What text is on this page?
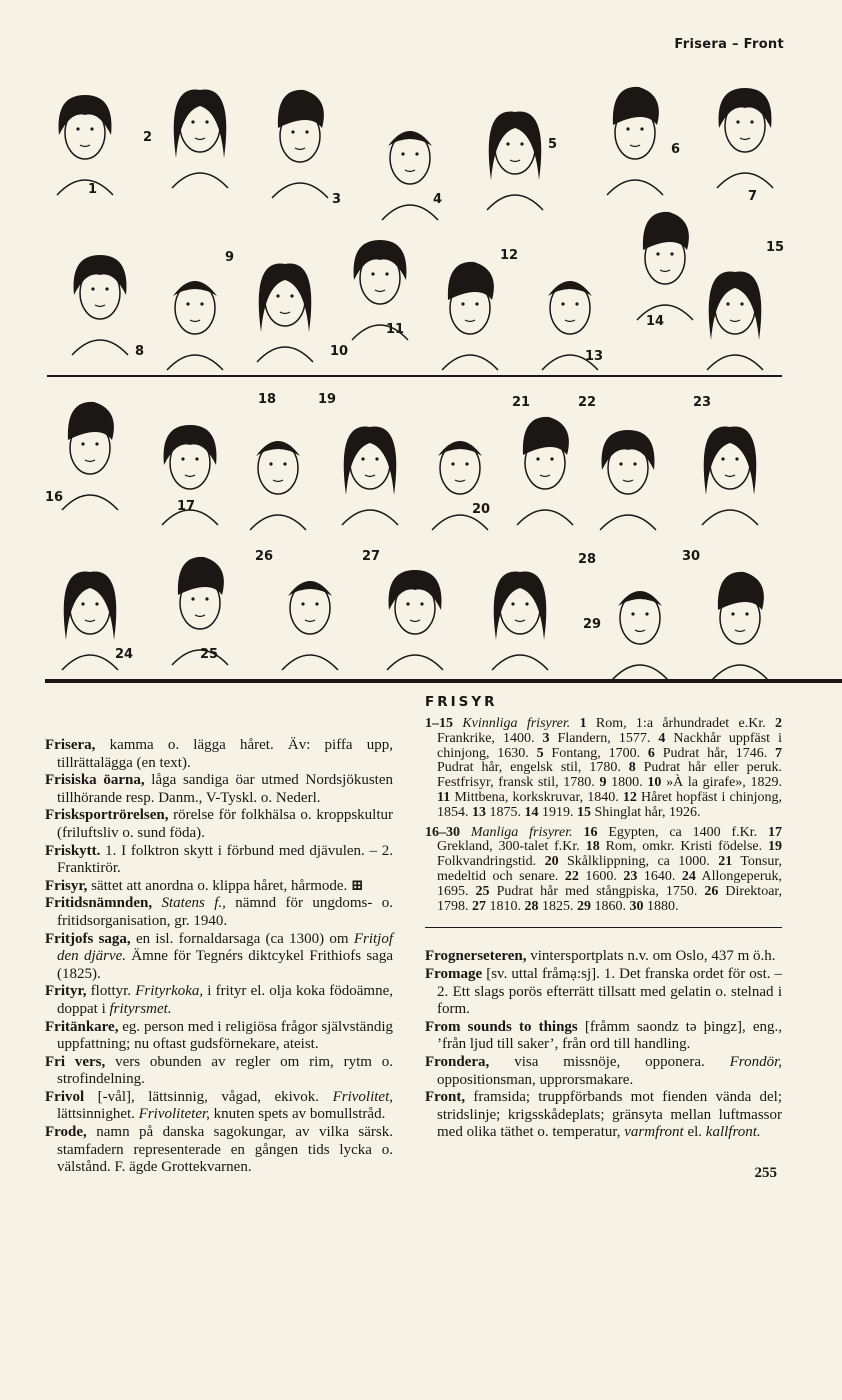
Frisera – Front
1
2
3	4
5	6
7
8
9
10
11
12
13
14
15
16
17
18	19
20
21	22	23
24	25
26	27	28
29
30

Frisera, kamma o. lägga håret. Äv: piffa upp, tillrättalägga (en text).

Frisiska öarna, låga sandiga öar utmed Nordsjökusten tillhörande resp. Danm., V-Tyskl. o. Nederl.

Frisksportrörelsen, rörelse för folkhälsa o. kroppskultur (friluftsliv o. sund föda).

Friskytt. 1. I folktron skytt i förbund med djävulen. – 2. Franktirör.

Frisyr, sättet att anordna o. klippa håret, hårmode. ⊞

Fritidsnämnden, Statens f., nämnd för ungdoms- o. fritidsorganisation, gr. 1940.

Fritjofs saga, en isl. fornaldarsaga (ca 1300) om Fritjof den djärve. Ämne för Tegnérs diktcykel Frithiofs saga (1825).

Frityr, flottyr. Frityrkoka, i frityr el. olja koka födoämne, doppat i frityrsmet.

Fritänkare, eg. person med i religiösa frågor självständig uppfattning; nu oftast gudsförnekare, ateist.

Fri vers, vers obunden av regler om rim, rytm o. strofindelning.

Frivol [-vål], lättsinnig, vågad, ekivok. Frivolitet, lättsinnighet. Frivoliteter, knuten spets av bomullstråd.

Frode, namn på danska sagokungar, av vilka särsk. stamfadern representerade en gången tids lycka o. välstånd. F. ägde Grottekvarnen.

FRISYR

1–15 Kvinnliga frisyrer. 1 Rom, 1:a århundradet e.Kr. 2 Frankrike, 1400. 3 Flandern, 1577. 4 Nackhår uppfäst i chinjong, 1630. 5 Fontang, 1700. 6 Pudrat hår, 1746. 7 Pudrat hår, engelsk stil, 1780. 8 Pudrat hår eller peruk. Festfrisyr, fransk stil, 1780. 9 1800. 10 »À la girafe», 1829. 11 Mittbena, korkskruvar, 1840. 12 Håret hopfäst i chinjong, 1854. 13 1875. 14 1919. 15 Shinglat hår, 1926.

16–30 Manliga frisyrer. 16 Egypten, ca 1400 f.Kr. 17 Grekland, 300-talet f.Kr. 18 Rom, omkr. Kristi födelse. 19 Folkvandringstid. 20 Skålklippning, ca 1000. 21 Tonsur, medeltid och senare. 22 1600. 23 1640. 24 Allongeperuk, 1695. 25 Pudrat hår med stångpiska, 1750. 26 Direktoar, 1798. 27 1810. 28 1825. 29 1860. 30 1880.

Frognerseteren, vintersportplats n.v. om Oslo, 437 m ö.h.

Fromage [sv. uttal fråmạ:sj]. 1. Det franska ordet för ost. – 2. Ett slags porös efterrätt tillsatt med gelatin o. stelnad i form.

From sounds to things [fråmm saondz tə þingz], eng., ’från ljud till saker’, från ord till handling.

Frondera, visa missnöje, opponera. Frondör, oppositionsman, upprorsmakare.

Front, framsida; truppförbands mot fienden vända del; stridslinje; krigsskådeplats; gränsyta mellan luftmassor med olika täthet o. temperatur, varmfront el. kallfront.

255
